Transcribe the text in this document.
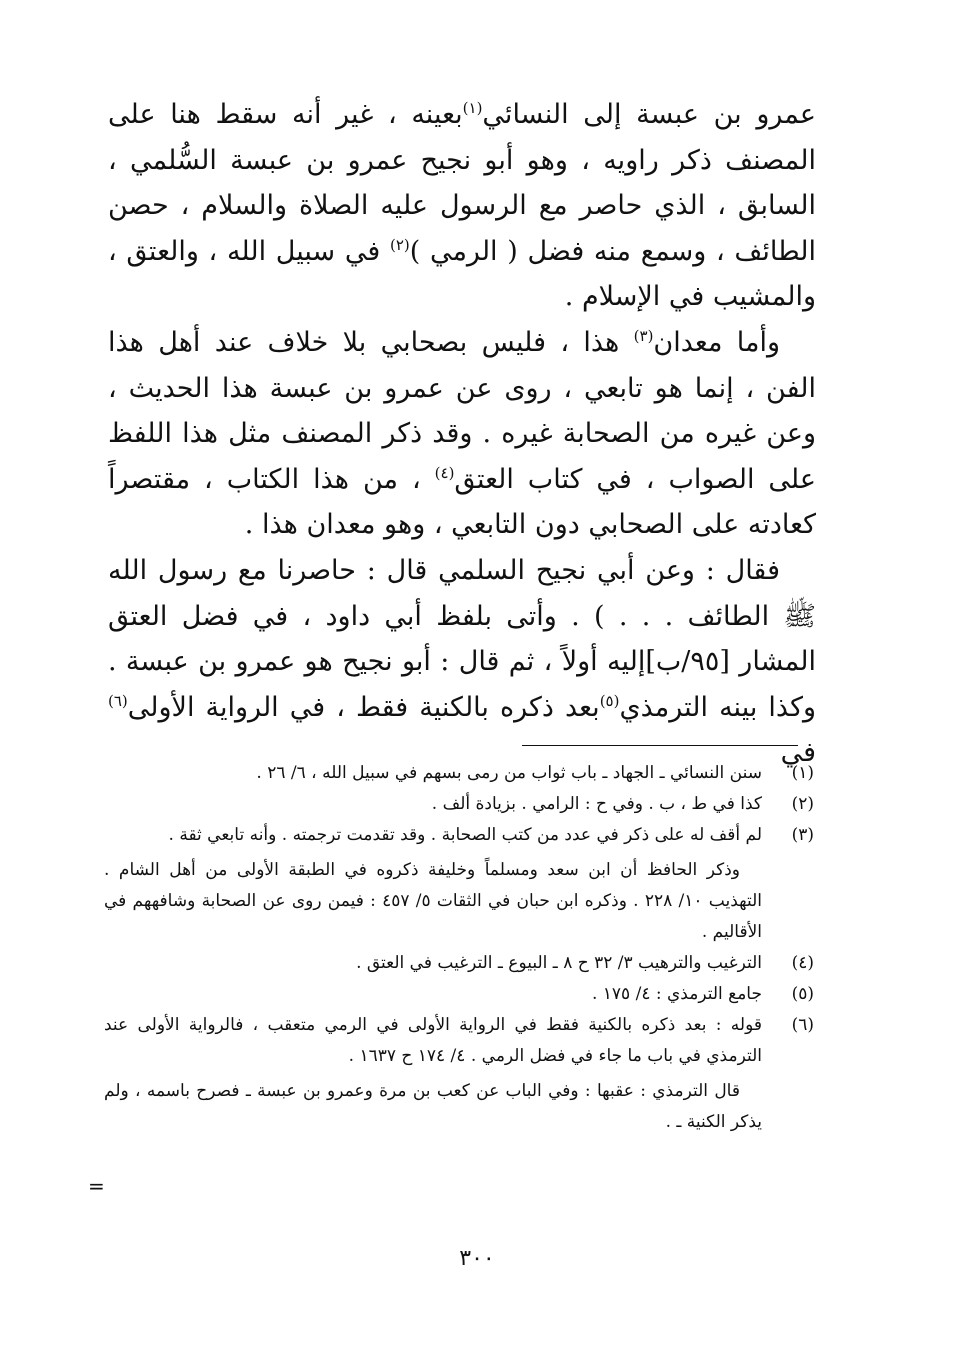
عمرو بن عبسة إلى النسائي$^{(١)}$بعينه ، غير أنه سقط هنا على المصنف ذكر راويه ، وهو أبو نجيح عمرو بن عبسة السُّلمي ، السابق ، الذي حاصر مع الرسول عليه الصلاة والسلام ، حصن الطائف ، وسمع منه فضل ( الرمي )$^{(٢)}$ في سبيل الله ، والعتق ، والمشيب في الإسلام .

وأما معدان$^{(٣)}$ هذا ، فليس بصحابي بلا خلاف عند أهل هذا الفن ، إنما هو تابعي ، روى عن عمرو بن عبسة هذا الحديث ، وعن غيره من الصحابة غيره . وقد ذكر المصنف مثل هذا اللفظ على الصواب ، في كتاب العتق$^{(٤)}$ ، من هذا الكتاب ، مقتصراً كعادته على الصحابي دون التابعي ، وهو معدان هذا .

فقال : وعن أبي نجيح السلمي قال : حاصرنا مع رسول الله ﷺ الطائف . . . ) . وأتى بلفظ أبي داود ، في فضل العتق المشار [٩٥/ب]إليه أولاً ، ثم قال : أبو نجيح هو عمرو بن عبسة . وكذا بينه الترمذي$^{(٥)}$بعد ذكره بالكنية فقط ، في الرواية الأولى$^{(٦)}$ في

(١)

سنن النسائي ـ الجهاد ـ باب ثواب من رمى بسهم في سبيل الله ، ٦/ ٢٦ .

(٢)

كذا في ط ، ب . وفي ح : الرامي . بزيادة ألف .

(٣)

لم أقف له على ذكر في عدد من كتب الصحابة . وقد تقدمت ترجمته . وأنه تابعي ثقة .

وذكر الحافظ أن ابن سعد ومسلماً وخليفة ذكروه في الطبقة الأولى من أهل الشام . التهذيب ١٠/ ٢٢٨ . وذكره ابن حبان في الثقات ٥/ ٤٥٧ : فيمن روى عن الصحابة وشافههم في الأقاليم .

(٤)

الترغيب والترهيب ٣/ ٣٢ ح ٨ ـ البيوع ـ الترغيب في العتق .

(٥)

جامع الترمذي : ٤/ ١٧٥ .

(٦)

قوله : بعد ذكره بالكنية فقط في الرواية الأولى في الرمي متعقب ، فالرواية الأولى عند الترمذي في باب ما جاء في فضل الرمي . ٤/ ١٧٤ ح ١٦٣٧ .

قال الترمذي : عقبها : وفي الباب عن كعب بن مرة وعمرو بن عبسة ـ فصرح باسمه ، ولم يذكر الكنية ـ .

=
٣٠٠
